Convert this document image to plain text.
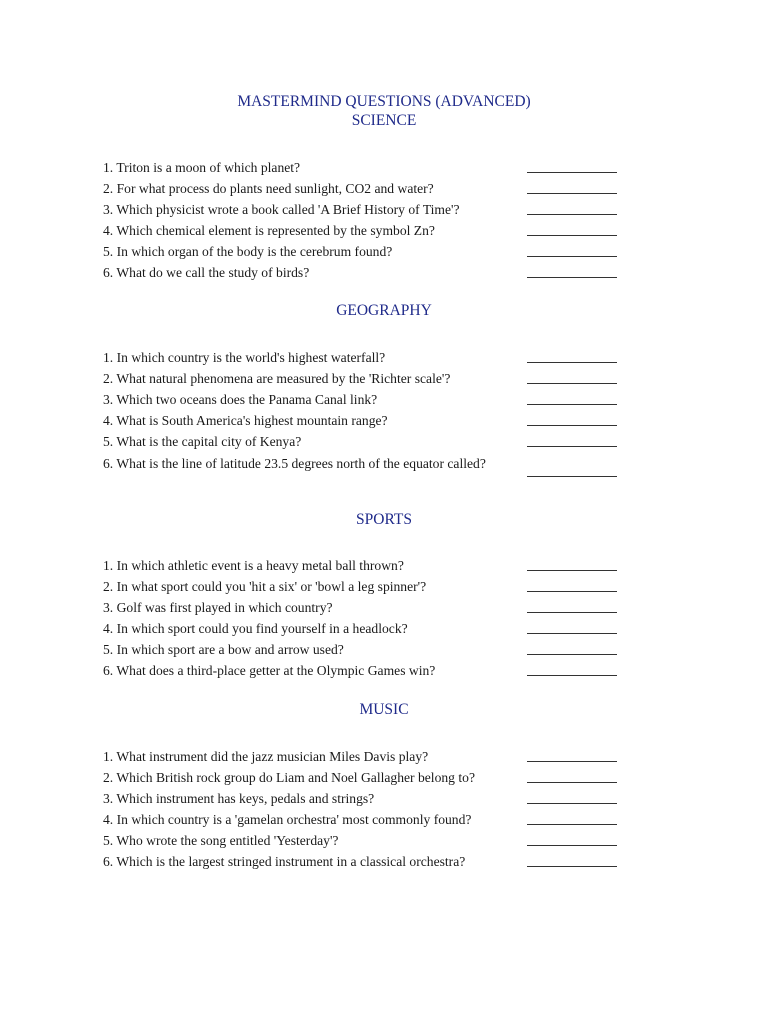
MASTERMIND QUESTIONS (ADVANCED)
SCIENCE
1. Triton is a moon of which planet?
2. For what process do plants need sunlight, CO2 and water?
3. Which physicist wrote a book called 'A Brief History of Time'?
4. Which chemical element is represented by the symbol Zn?
5. In which organ of the body is the cerebrum found?
6. What do we call the study of birds?
GEOGRAPHY
1. In which country is the world's highest waterfall?
2. What natural phenomena are measured by the 'Richter scale'?
3. Which two oceans does the Panama Canal link?
4. What is South America's highest mountain range?
5. What is the capital city of Kenya?
6. What is the line of latitude 23.5 degrees north of the equator called?
SPORTS
1. In which athletic event is a heavy metal ball thrown?
2. In what sport could you 'hit a six' or 'bowl a leg spinner'?
3. Golf was first played in which country?
4. In which sport could you find yourself in a headlock?
5. In which sport are a bow and arrow used?
6. What does a third-place getter at the Olympic Games win?
MUSIC
1. What instrument did the jazz musician Miles Davis play?
2. Which British rock group do Liam and Noel Gallagher belong to?
3. Which instrument has keys, pedals and strings?
4. In which country is a 'gamelan orchestra' most commonly found?
5. Who wrote the song entitled 'Yesterday'?
6. Which is the largest stringed instrument in a classical orchestra?
